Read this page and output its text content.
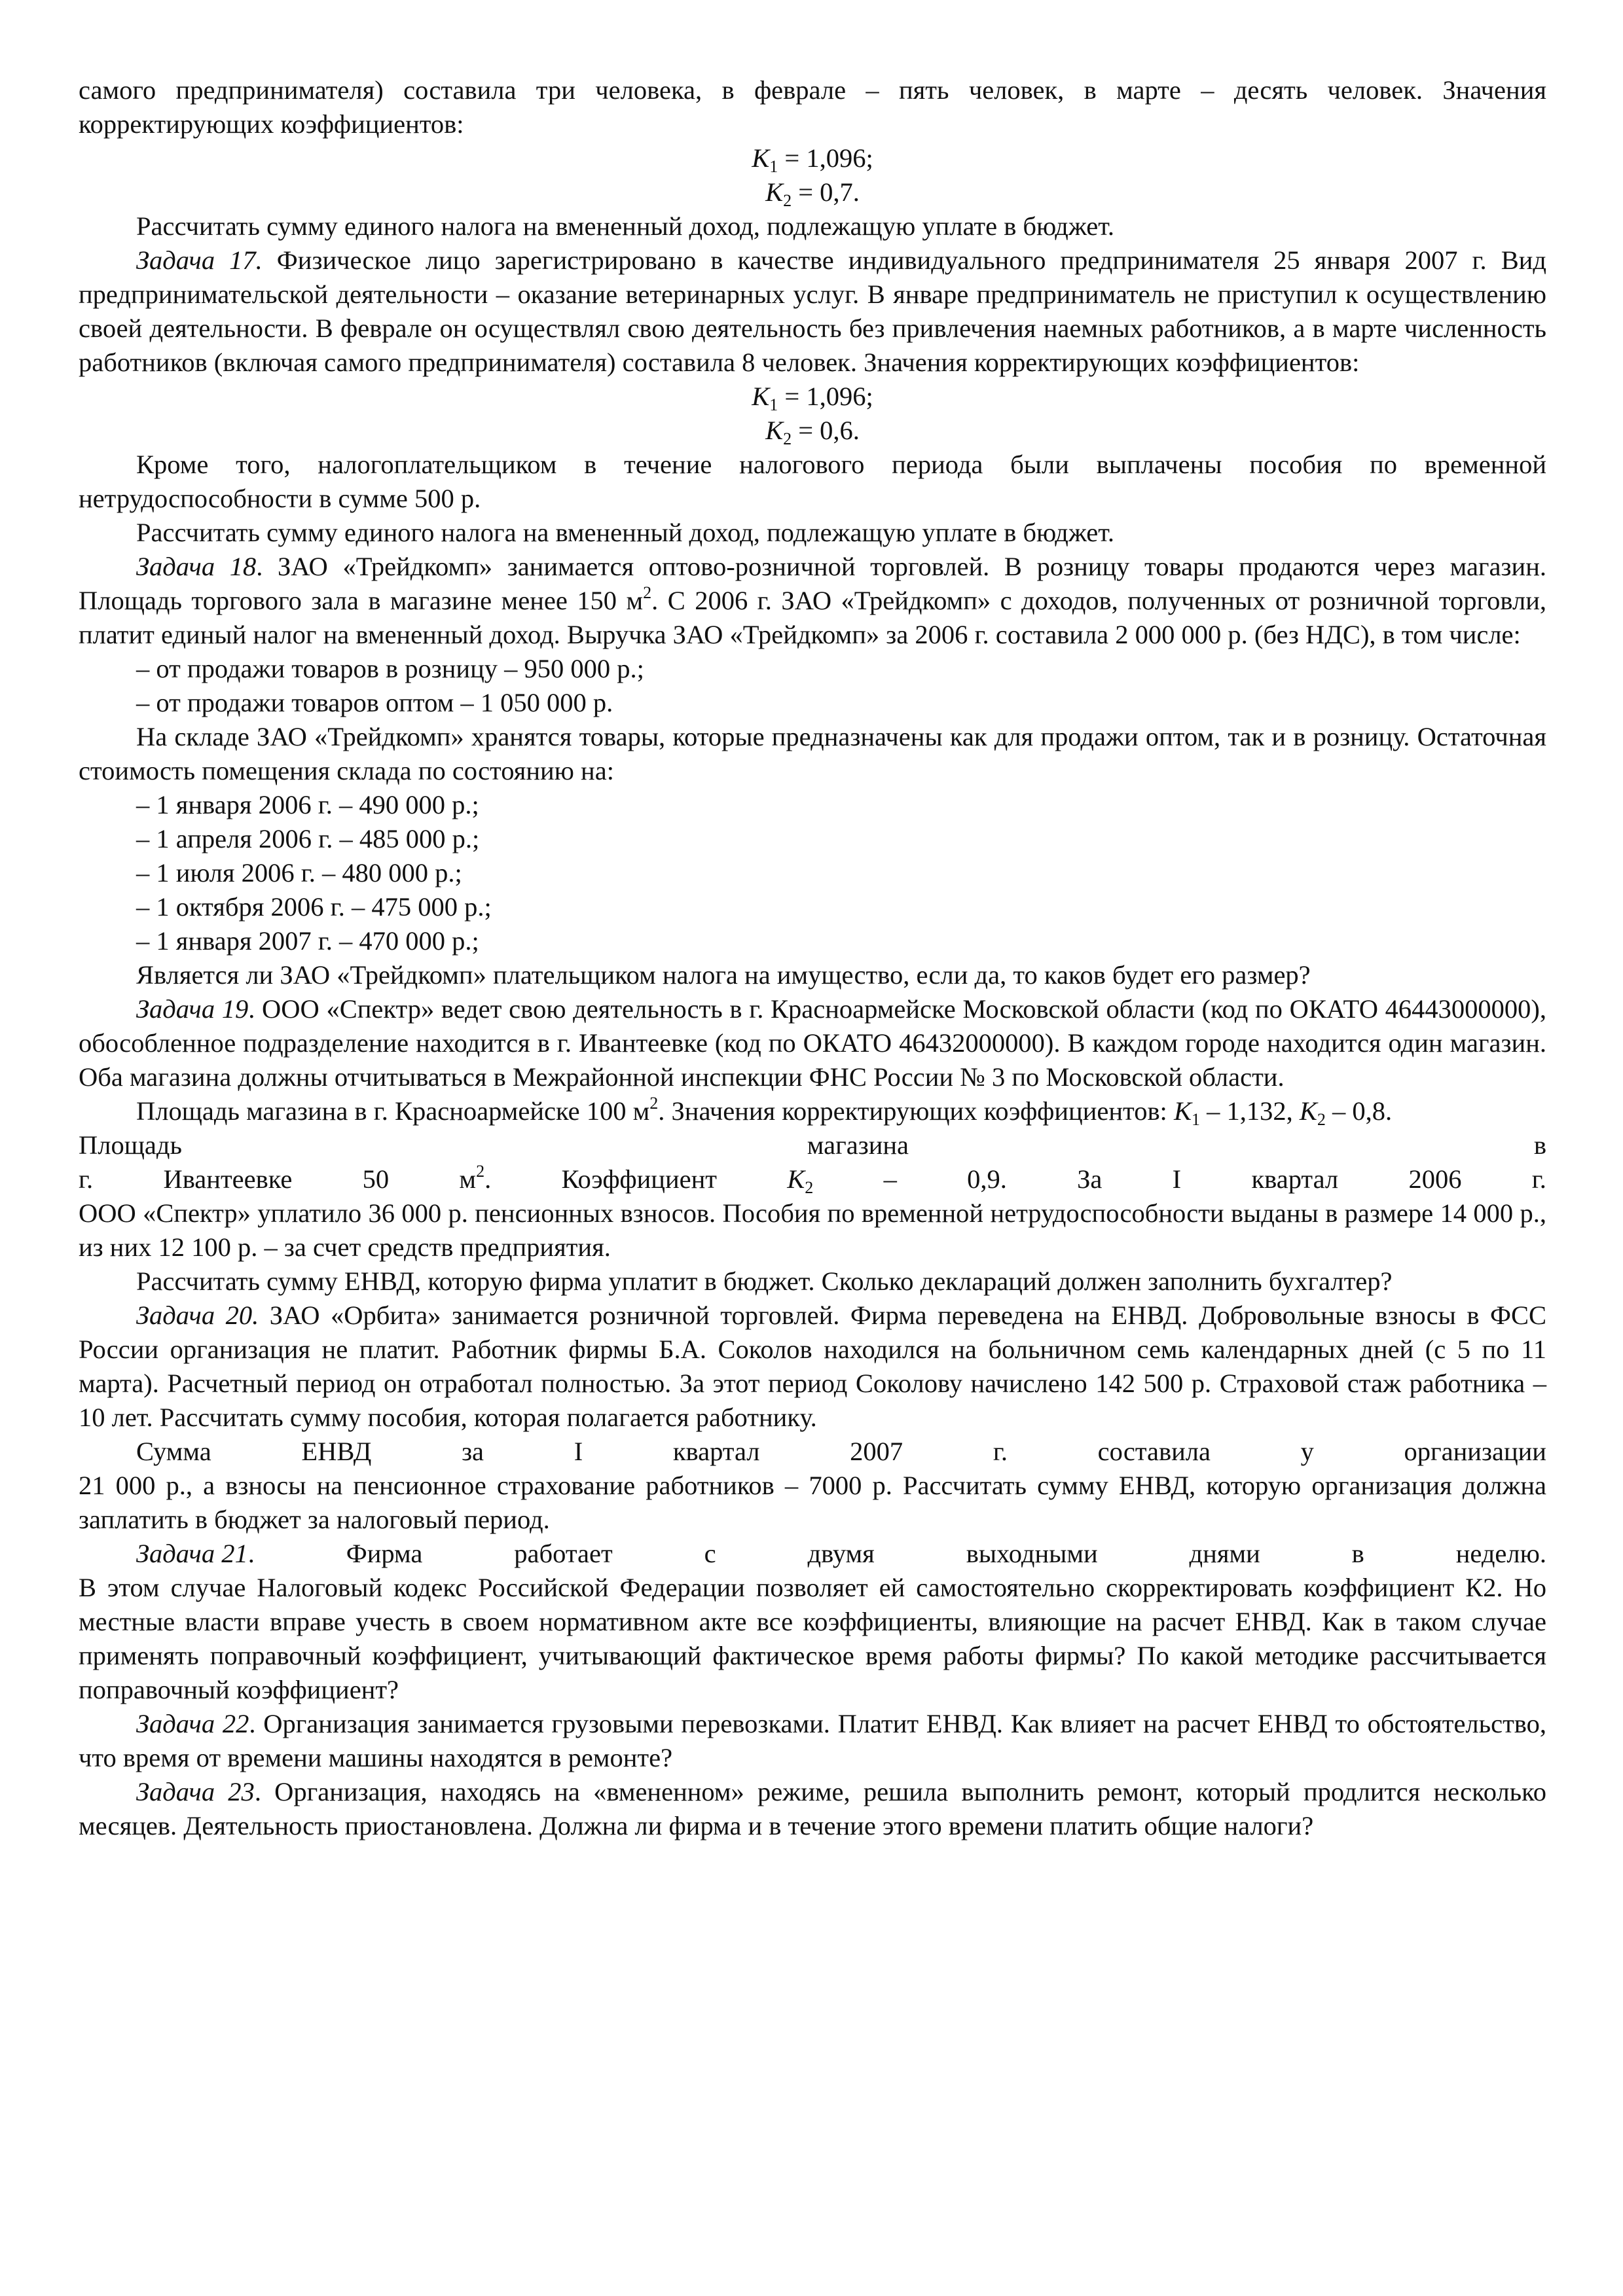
самого предпринимателя) составила три человека, в феврале – пять человек, в марте – десять человек. Значения корректирующих коэффициентов:

$K_1 = 1,096$;

$K_2 = 0,7$.

Рассчитать сумму единого налога на вмененный доход, подлежащую уплате в бюджет.

Задача 17. Физическое лицо зарегистрировано в качестве индивидуального предпринимателя 25 января 2007 г. Вид предпринимательской деятельности – оказание ветеринарных услуг. В январе предприниматель не приступил к осуществлению своей деятельности. В феврале он осуществлял свою деятельность без привлечения наемных работников, а в марте численность работников (включая самого предпринимателя) составила 8 человек. Значения корректирующих коэффициентов:

$K_1 = 1,096$;

$K_2 = 0,6$.

Кроме того, налогоплательщиком в течение налогового периода были выплачены пособия по временной нетрудоспособности в сумме 500 р.

Рассчитать сумму единого налога на вмененный доход, подлежащую уплате в бюджет.

Задача 18. ЗАО «Трейдкомп» занимается оптово-розничной торговлей. В розницу товары продаются через магазин. Площадь торгового зала в магазине менее 150 $м^2$. С 2006 г. ЗАО «Трейдкомп» с доходов, полученных от розничной торговли, платит единый налог на вмененный доход. Выручка ЗАО «Трейдкомп» за 2006 г. составила 2 000 000 р. (без НДС), в том числе:

– от продажи товаров в розницу – 950 000 р.;

– от продажи товаров оптом – 1 050 000 р.

На складе ЗАО «Трейдкомп» хранятся товары, которые предназначены как для продажи оптом, так и в розницу. Остаточная стоимость помещения склада по состоянию на:

– 1 января 2006 г. – 490 000 р.;

– 1 апреля 2006 г. – 485 000 р.;

– 1 июля 2006 г. – 480 000 р.;

– 1 октября 2006 г. – 475 000 р.;

– 1 января 2007 г. – 470 000 р.;

Является ли ЗАО «Трейдкомп» плательщиком налога на имущество, если да, то каков будет его размер?

Задача 19. ООО «Спектр» ведет свою деятельность в г. Красноармейске Московской области (код по ОКАТО 46443000000), обособленное подразделение находится в г. Ивантеевке (код по ОКАТО 46432000000). В каждом городе находится один магазин. Оба магазина должны отчитываться в Межрайонной инспекции ФНС России № 3 по Московской области.

Площадь магазина в г. Красноармейске 100 $м^2$. Значения корректирующих коэффициентов: $K_1 - 1,132$, $K_2 - 0,8$.

Площадь	магазина	в
г.	Ивантеевке	50	$м^2$.	Коэффициент	$K_2$	–	0,9.	За	I	квартал	2006	г.

ООО «Спектр» уплатило 36 000 р. пенсионных взносов. Пособия по временной нетрудоспособности выданы в размере 14 000 р., из них 12 100 р. – за счет средств предприятия.

Рассчитать сумму ЕНВД, которую фирма уплатит в бюджет. Сколько деклараций должен заполнить бухгалтер?

Задача 20. ЗАО «Орбита» занимается розничной торговлей. Фирма переведена на ЕНВД. Добровольные взносы в ФСС России организация не платит. Работник фирмы Б.А. Соколов находился на больничном семь календарных дней (с 5 по 11 марта). Расчетный период он отработал полностью. За этот период Соколову начислено 142 500 р. Страховой стаж работника – 10 лет. Рассчитать сумму пособия, которая полагается работнику.

Сумма	ЕНВД	за	I	квартал	2007	г.	составила	у	организации

21 000 р., а взносы на пенсионное страхование работников – 7000 р. Рассчитать сумму ЕНВД, которую организация должна заплатить в бюджет за налоговый период.

Задача 21.	Фирма	работает	с	двумя	выходными	днями	в	неделю.

В этом случае Налоговый кодекс Российской Федерации позволяет ей самостоятельно скорректировать коэффициент К2. Но местные власти вправе учесть в своем нормативном акте все коэффициенты, влияющие на расчет ЕНВД. Как в таком случае применять поправочный коэффициент, учитывающий фактическое время работы фирмы? По какой методике рассчитывается поправочный коэффициент?

Задача 22. Организация занимается грузовыми перевозками. Платит ЕНВД. Как влияет на расчет ЕНВД то обстоятельство, что время от времени машины находятся в ремонте?

Задача 23. Организация, находясь на «вмененном» режиме, решила выполнить ремонт, который продлится несколько месяцев. Деятельность приостановлена. Должна ли фирма и в течение этого времени платить общие налоги?
